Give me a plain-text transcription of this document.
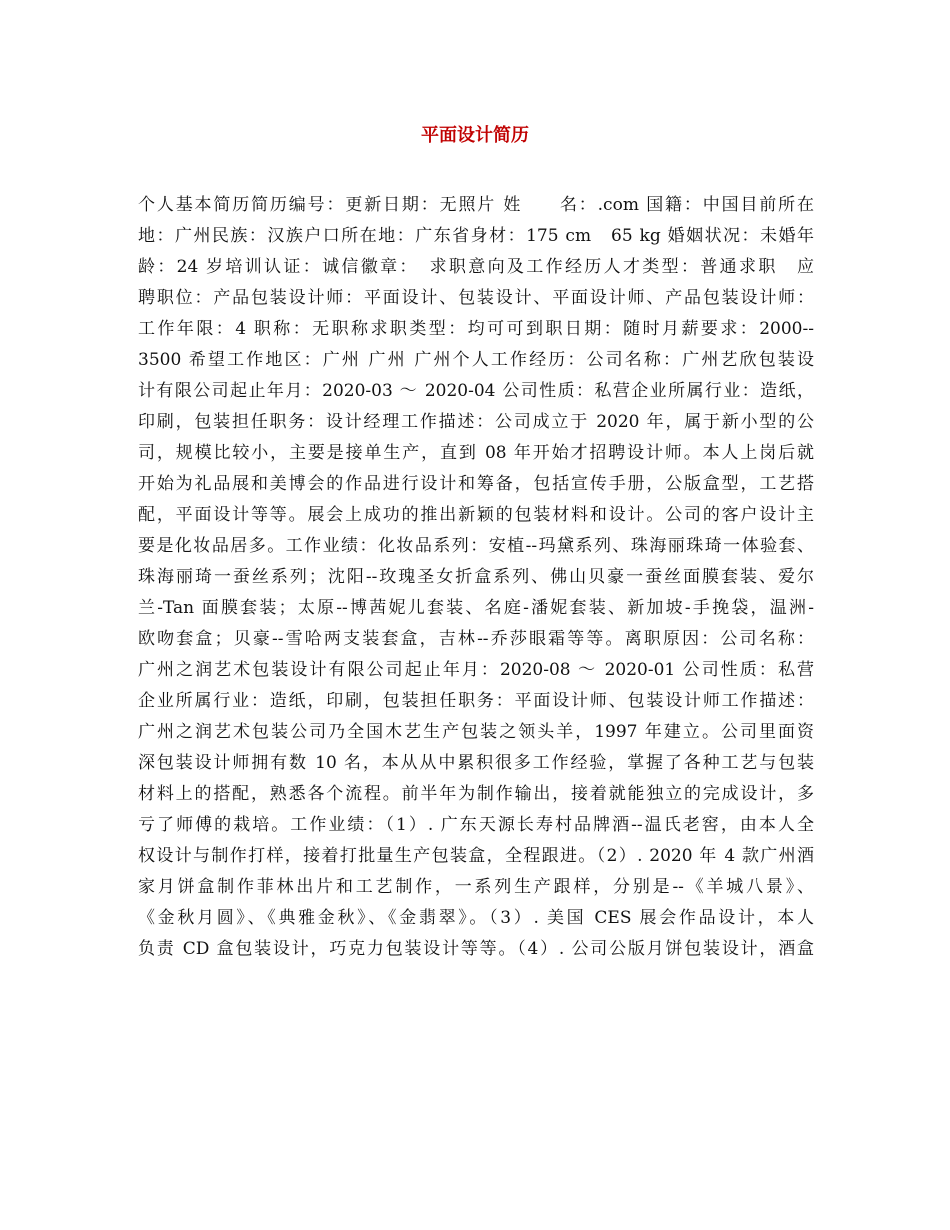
平面设计简历
个人基本简历简历编号：更新日期：无照片 姓　　名：.com 国籍：中国目前所在
地：广州民族：汉族户口所在地：广东省身材：175 cm　65 kg 婚姻状况：未婚年
龄：24 岁培训认证：诚信徽章：　求职意向及工作经历人才类型：普通求职　应
聘职位：产品包装设计师：平面设计、包装设计、平面设计师、产品包装设计师：
工作年限：4 职称：无职称求职类型：均可可到职日期：随时月薪要求：2000--
3500 希望工作地区：广州 广州 广州个人工作经历：公司名称：广州艺欣包装设
计有限公司起止年月：2020-03 ～ 2020-04 公司性质：私营企业所属行业：造纸，
印刷，包装担任职务：设计经理工作描述：公司成立于 2020 年，属于新小型的公
司，规模比较小，主要是接单生产，直到 08 年开始才招聘设计师。本人上岗后就
开始为礼品展和美博会的作品进行设计和筹备，包括宣传手册，公版盒型，工艺搭
配，平面设计等等。展会上成功的推出新颖的包装材料和设计。公司的客户设计主
要是化妆品居多。工作业绩：化妆品系列：安植--玛黛系列、珠海丽珠琦一体验套、
珠海丽琦一蚕丝系列；沈阳--玫瑰圣女折盒系列、佛山贝豪一蚕丝面膜套装、爱尔
兰-Tan 面膜套装；太原--博茜妮儿套装、名庭-潘妮套装、新加坡-手挽袋，温洲-
欧吻套盒；贝豪--雪哈两支装套盒，吉林--乔莎眼霜等等。离职原因：公司名称：
广州之润艺术包装设计有限公司起止年月：2020-08 ～ 2020-01 公司性质：私营
企业所属行业：造纸，印刷，包装担任职务：平面设计师、包装设计师工作描述：
广州之润艺术包装公司乃全国木艺生产包装之领头羊，1997 年建立。公司里面资
深包装设计师拥有数 10 名，本从从中累积很多工作经验，掌握了各种工艺与包装
材料上的搭配，熟悉各个流程。前半年为制作输出，接着就能独立的完成设计，多
亏了师傅的栽培。工作业绩：（1）. 广东天源长寿村品牌酒--温氏老窖，由本人全
权设计与制作打样，接着打批量生产包装盒，全程跟进。（2）. 2020 年 4 款广州酒
家月饼盒制作菲林出片和工艺制作，一系列生产跟样，分别是--《羊城八景》、
《金秋月圆》、《典雅金秋》、《金翡翠》。（3）. 美国 CES 展会作品设计，本人
负责 CD 盒包装设计，巧克力包装设计等等。（4）. 公司公版月饼包装设计，酒盒
